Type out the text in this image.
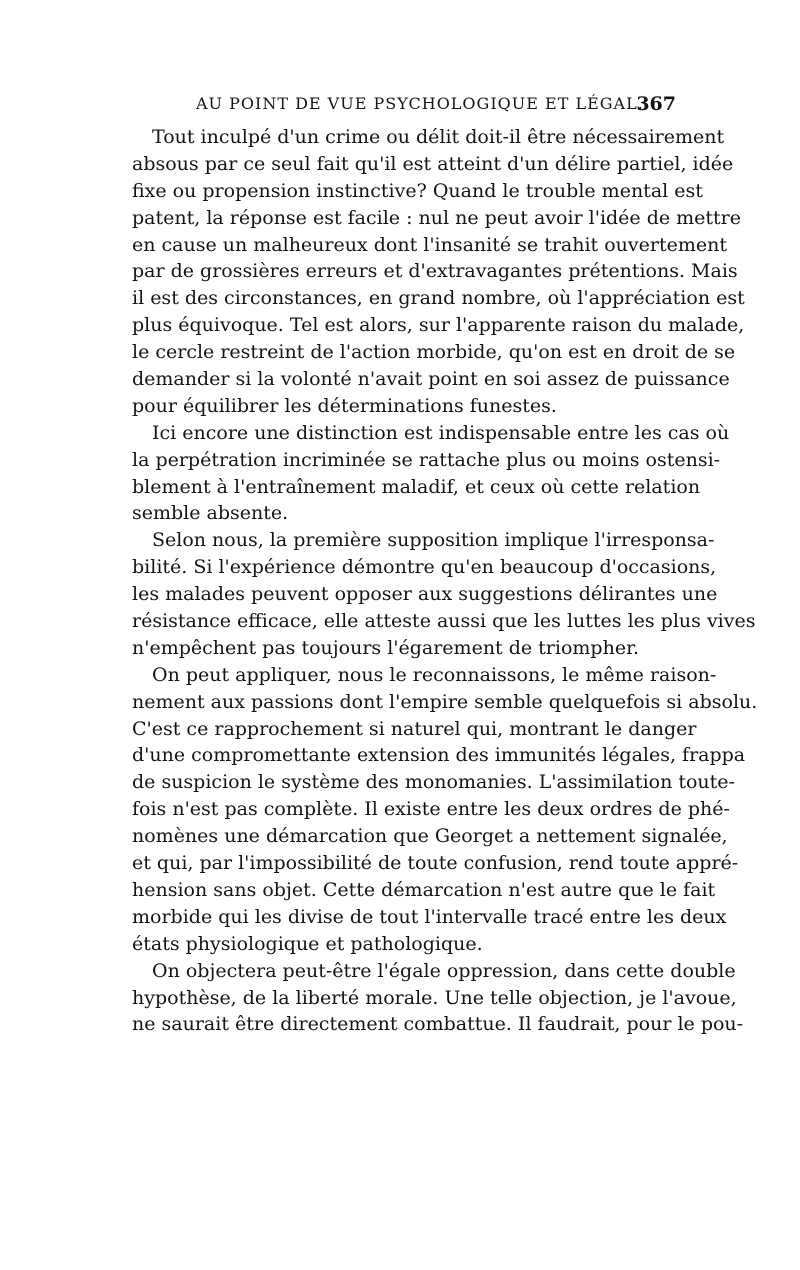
AU POINT DE VUE PSYCHOLOGIQUE ET LÉGAL.
367
Tout inculpé d'un crime ou délit doit-il être nécessairement
absous par ce seul fait qu'il est atteint d'un délire partiel, idée
fixe ou propension instinctive? Quand le trouble mental est
patent, la réponse est facile : nul ne peut avoir l'idée de mettre
en cause un malheureux dont l'insanité se trahit ouvertement
par de grossières erreurs et d'extravagantes prétentions. Mais
il est des circonstances, en grand nombre, où l'appréciation est
plus équivoque. Tel est alors, sur l'apparente raison du malade,
le cercle restreint de l'action morbide, qu'on est en droit de se
demander si la volonté n'avait point en soi assez de puissance
pour équilibrer les déterminations funestes.
Ici encore une distinction est indispensable entre les cas où
la perpétration incriminée se rattache plus ou moins ostensi-
blement à l'entraînement maladif, et ceux où cette relation
semble absente.
Selon nous, la première supposition implique l'irresponsa-
bilité. Si l'expérience démontre qu'en beaucoup d'occasions,
les malades peuvent opposer aux suggestions délirantes une
résistance efficace, elle atteste aussi que les luttes les plus vives
n'empêchent pas toujours l'égarement de triompher.
On peut appliquer, nous le reconnaissons, le même raison-
nement aux passions dont l'empire semble quelquefois si absolu.
C'est ce rapprochement si naturel qui, montrant le danger
d'une compromettante extension des immunités légales, frappa
de suspicion le système des monomanies. L'assimilation toute-
fois n'est pas complète. Il existe entre les deux ordres de phé-
nomènes une démarcation que Georget a nettement signalée,
et qui, par l'impossibilité de toute confusion, rend toute appré-
hension sans objet. Cette démarcation n'est autre que le fait
morbide qui les divise de tout l'intervalle tracé entre les deux
états physiologique et pathologique.
On objectera peut-être l'égale oppression, dans cette double
hypothèse, de la liberté morale. Une telle objection, je l'avoue,
ne saurait être directement combattue. Il faudrait, pour le pou-
